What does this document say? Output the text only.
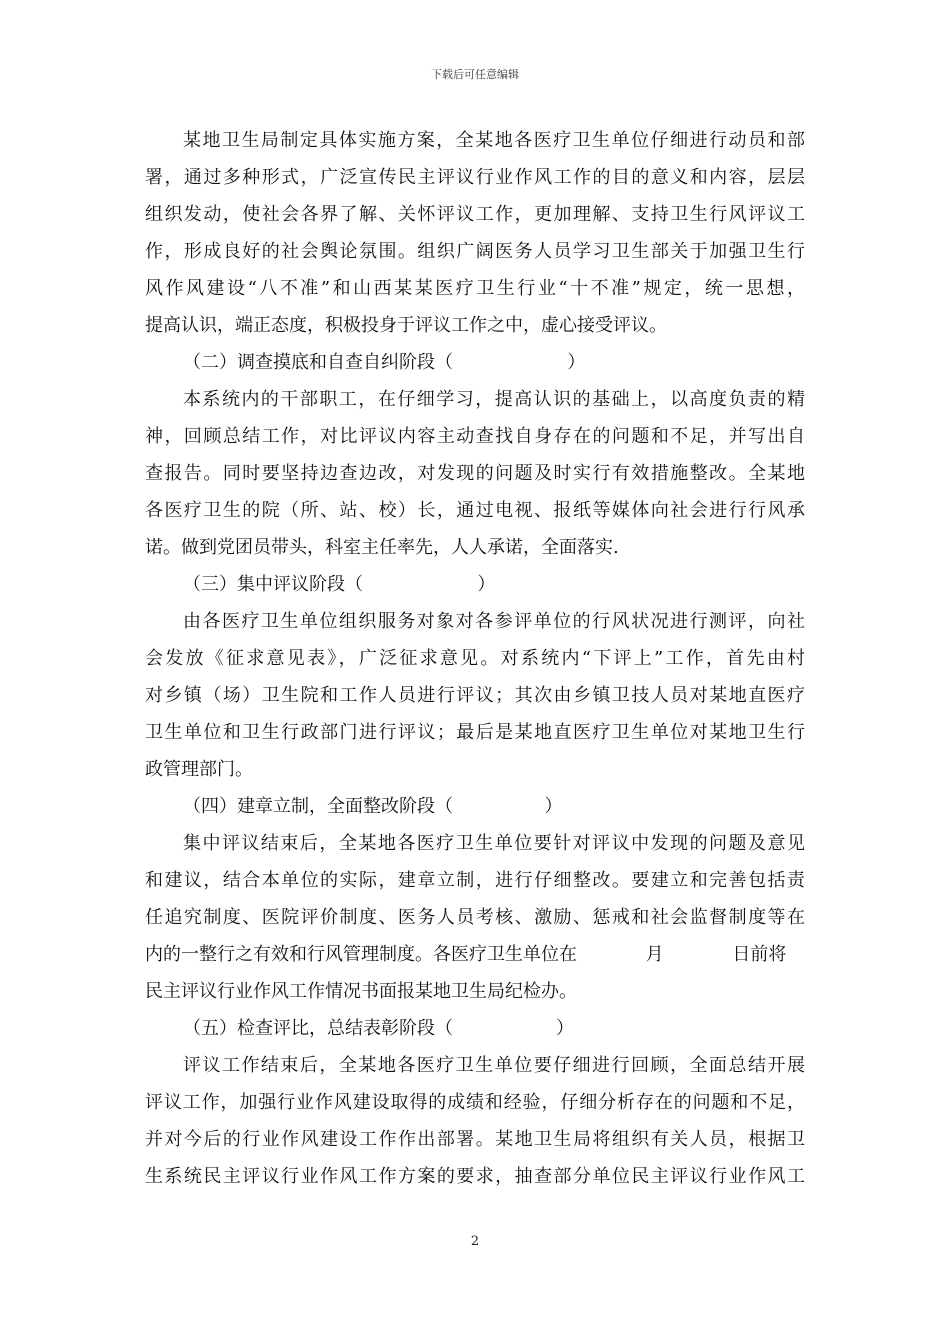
下载后可任意编辑
某地卫生局制定具体实施方案，全某地各医疗卫生单位仔细进行动员和部
署，通过多种形式，广泛宣传民主评议行业作风工作的目的意义和内容，层层
组织发动，使社会各界了解、关怀评议工作，更加理解、支持卫生行风评议工
作，形成良好的社会舆论氛围。组织广阔医务人员学习卫生部关于加强卫生行
风作风建设“八不准”和山西某某医疗卫生行业“十不准”规定，统一思想，
提高认识，端正态度，积极投身于评议工作之中，虚心接受评议。
（二）调查摸底和自查自纠阶段（                    ）
本系统内的干部职工，在仔细学习，提高认识的基础上，以高度负责的精
神，回顾总结工作，对比评议内容主动查找自身存在的问题和不足，并写出自
查报告。同时要坚持边查边改，对发现的问题及时实行有效措施整改。全某地
各医疗卫生的院（所、站、校）长，通过电视、报纸等媒体向社会进行行风承
诺。做到党团员带头，科室主任率先，人人承诺，全面落实.
（三）集中评议阶段（                    ）
由各医疗卫生单位组织服务对象对各参评单位的行风状况进行测评，向社
会发放《征求意见表》，广泛征求意见。对系统内“下评上”工作，首先由村
对乡镇（场）卫生院和工作人员进行评议；其次由乡镇卫技人员对某地直医疗
卫生单位和卫生行政部门进行评议；最后是某地直医疗卫生单位对某地卫生行
政管理部门。
（四）建章立制，全面整改阶段（                ）
集中评议结束后，全某地各医疗卫生单位要针对评议中发现的问题及意见
和建议，结合本单位的实际，建章立制，进行仔细整改。要建立和完善包括责
任追究制度、医院评价制度、医务人员考核、激励、惩戒和社会监督制度等在
内的一整行之有效和行风管理制度。各医疗卫生单位在            月            日前将
民主评议行业作风工作情况书面报某地卫生局纪检办。
（五）检查评比，总结表彰阶段（                  ）
评议工作结束后，全某地各医疗卫生单位要仔细进行回顾，全面总结开展
评议工作，加强行业作风建设取得的成绩和经验，仔细分析存在的问题和不足，
并对今后的行业作风建设工作作出部署。某地卫生局将组织有关人员，根据卫
生系统民主评议行业作风工作方案的要求，抽查部分单位民主评议行业作风工
2
